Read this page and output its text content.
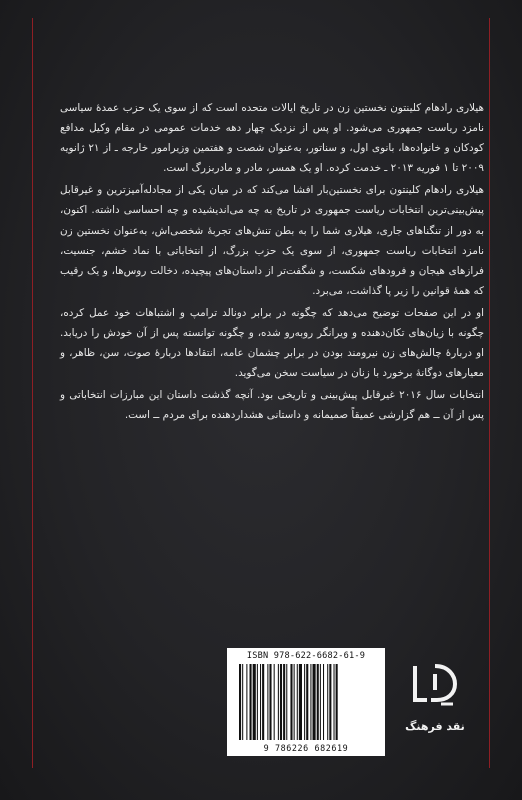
هیلاری رادهام کلینتون نخستین زن در تاریخ ایالات متحده است که از سوی یک حزب عمدهٔ سیاسی نامزد ریاست جمهوری می‌شود. او پس از نزدیک چهار دهه خدمات عمومی در مقام وکیل مدافع کودکان و خانواده‌ها، بانوی اول، و سناتور، به‌عنوان شصت و هفتمین وزیرامور خارجه ـ از ۲۱ ژانویه ۲۰۰۹ تا ۱ فوریه ۲۰۱۳ ـ خدمت کرده. او یک همسر، مادر و مادربزرگ است.

هیلاری رادهام کلینتون برای نخستین‌بار افشا می‌کند که در میان یکی از مجادله‌آمیزترین و غیرقابل پیش‌بینی‌ترین انتخابات ریاست جمهوری در تاریخ به چه می‌اندیشیده و چه احساسی داشته. اکنون، به دور از تنگناهای جاری، هیلاری شما را به بطن تنش‌های تجربهٔ شخصی‌اش، به‌عنوان نخستین زن نامزد انتخابات ریاست جمهوری، از سوی یک حزب بزرگ، از انتخاباتی با نماد خشم، جنسیت، فرازهای هیجان و فرودهای شکست، و شگفت‌تر از داستان‌های پیچیده، دخالت روس‌ها، و یک رقیب که همهٔ قوانین را زیر پا گذاشت، می‌برد.

او در این صفحات توضیح می‌دهد که چگونه در برابر دونالد ترامپ و اشتباهات خود عمل کرده، چگونه با زیان‌های تکان‌دهنده و ویرانگر روبه‌رو شده، و چگونه توانسته پس از آن خودش را دریابد. او دربارهٔ چالش‌های زن نیرومند بودن در برابر چشمان عامه، انتقادها دربارهٔ صوت، سن، ظاهر، و معیارهای دوگانهٔ برخورد با زنان در سیاست سخن می‌گوید.

انتخابات سال ۲۰۱۶ غیرقابل پیش‌بینی و تاریخی بود. آنچه گذشت داستان این مبارزات انتخاباتی و پس از آن ــ هم گزارشی عمیقاً صمیمانه و داستانی هشداردهنده برای مردم ــ است.

ISBN 978-622-6682-61-9
9 786226 682619
نقد فرهنگ
